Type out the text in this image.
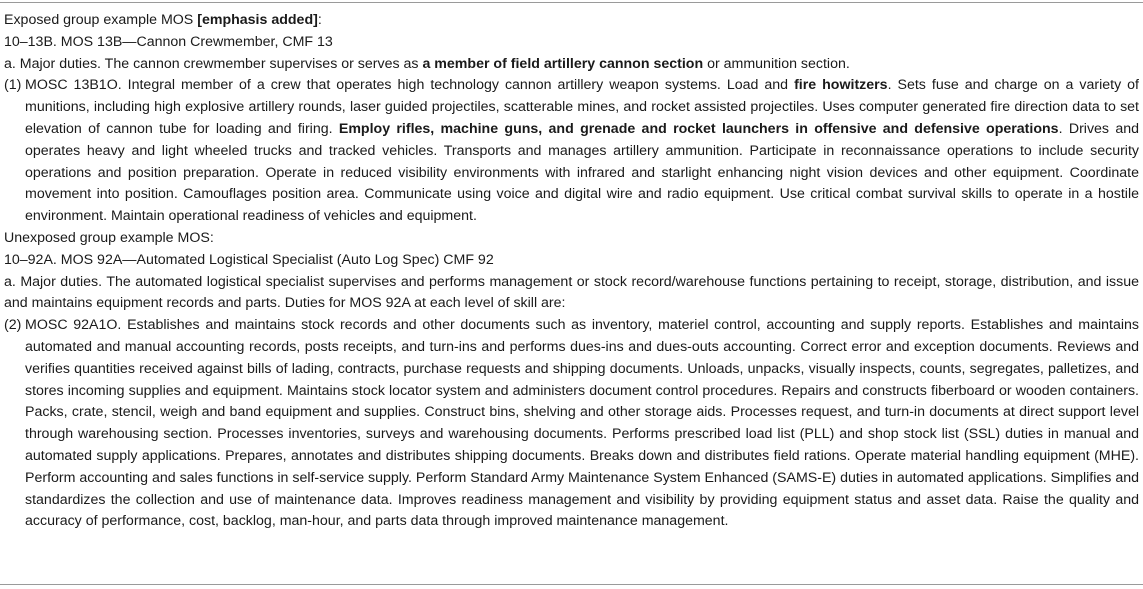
Exposed group example MOS [emphasis added]:
10–13B. MOS 13B—Cannon Crewmember, CMF 13
a. Major duties. The cannon crewmember supervises or serves as a member of field artillery cannon section or ammunition section.
(1) MOSC 13B1O. Integral member of a crew that operates high technology cannon artillery weapon systems. Load and fire howitzers. Sets fuse and charge on a variety of munitions, including high explosive artillery rounds, laser guided projectiles, scatterable mines, and rocket assisted projectiles. Uses computer generated fire direction data to set elevation of cannon tube for loading and firing. Employ rifles, machine guns, and grenade and rocket launchers in offensive and defensive operations. Drives and operates heavy and light wheeled trucks and tracked vehicles. Transports and manages artillery ammunition. Participate in reconnaissance operations to include security operations and position preparation. Operate in reduced visibility environments with infrared and starlight enhancing night vision devices and other equipment. Coordinate movement into position. Camouflages position area. Communicate using voice and digital wire and radio equipment. Use critical combat survival skills to operate in a hostile environment. Maintain operational readiness of vehicles and equipment.
Unexposed group example MOS:
10–92A. MOS 92A—Automated Logistical Specialist (Auto Log Spec) CMF 92
a. Major duties. The automated logistical specialist supervises and performs management or stock record/warehouse functions pertaining to receipt, storage, distribution, and issue and maintains equipment records and parts. Duties for MOS 92A at each level of skill are:
(2) MOSC 92A1O. Establishes and maintains stock records and other documents such as inventory, materiel control, accounting and supply reports. Establishes and maintains automated and manual accounting records, posts receipts, and turn-ins and performs dues-ins and dues-outs accounting. Correct error and exception documents. Reviews and verifies quantities received against bills of lading, contracts, purchase requests and shipping documents. Unloads, unpacks, visually inspects, counts, segregates, palletizes, and stores incoming supplies and equipment. Maintains stock locator system and administers document control procedures. Repairs and constructs fiberboard or wooden containers. Packs, crate, stencil, weigh and band equipment and supplies. Construct bins, shelving and other storage aids. Processes request, and turn-in documents at direct support level through warehousing section. Processes inventories, surveys and warehousing documents. Performs prescribed load list (PLL) and shop stock list (SSL) duties in manual and automated supply applications. Prepares, annotates and distributes shipping documents. Breaks down and distributes field rations. Operate material handling equipment (MHE). Perform accounting and sales functions in self-service supply. Perform Standard Army Maintenance System Enhanced (SAMS-E) duties in automated applications. Simplifies and standardizes the collection and use of maintenance data. Improves readiness management and visibility by providing equipment status and asset data. Raise the quality and accuracy of performance, cost, backlog, man-hour, and parts data through improved maintenance management.
